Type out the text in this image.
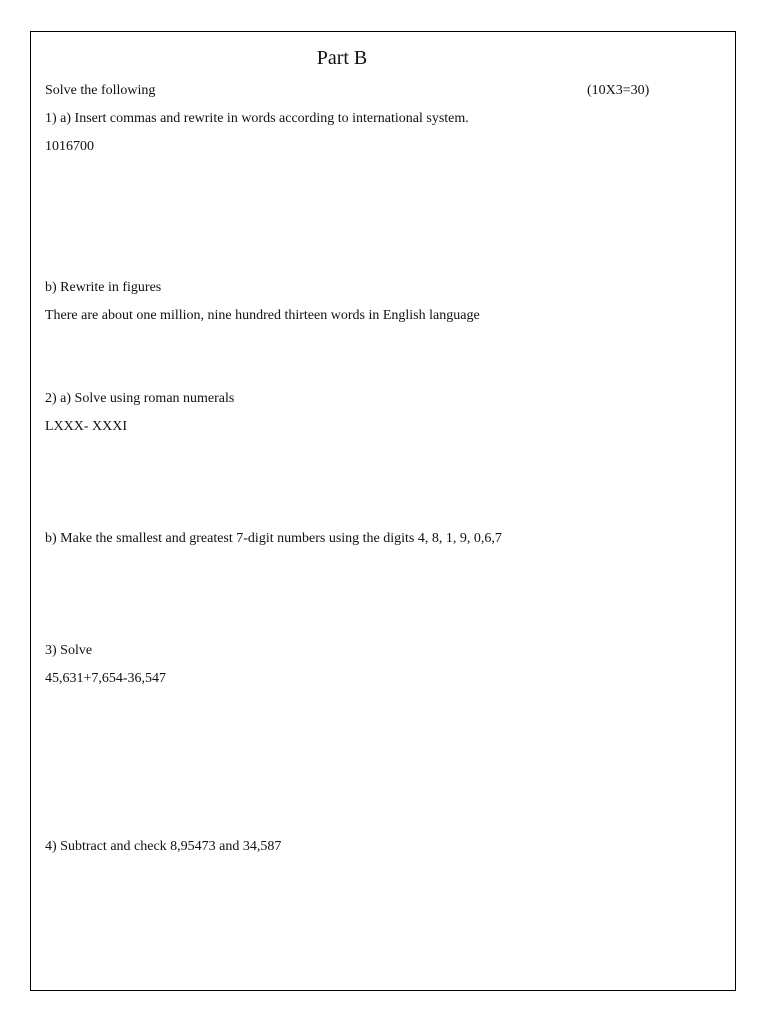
Part B
Solve the following	(10X3=30)
1) a) Insert commas and rewrite in words according to international system.
1016700
b) Rewrite in figures
There are about one million, nine hundred thirteen words in English language
2) a) Solve using roman numerals
LXXX- XXXI
b) Make the smallest and greatest 7-digit numbers using the digits 4, 8, 1, 9, 0,6,7
3) Solve
45,631+7,654-36,547
4) Subtract and check 8,95473 and 34,587
